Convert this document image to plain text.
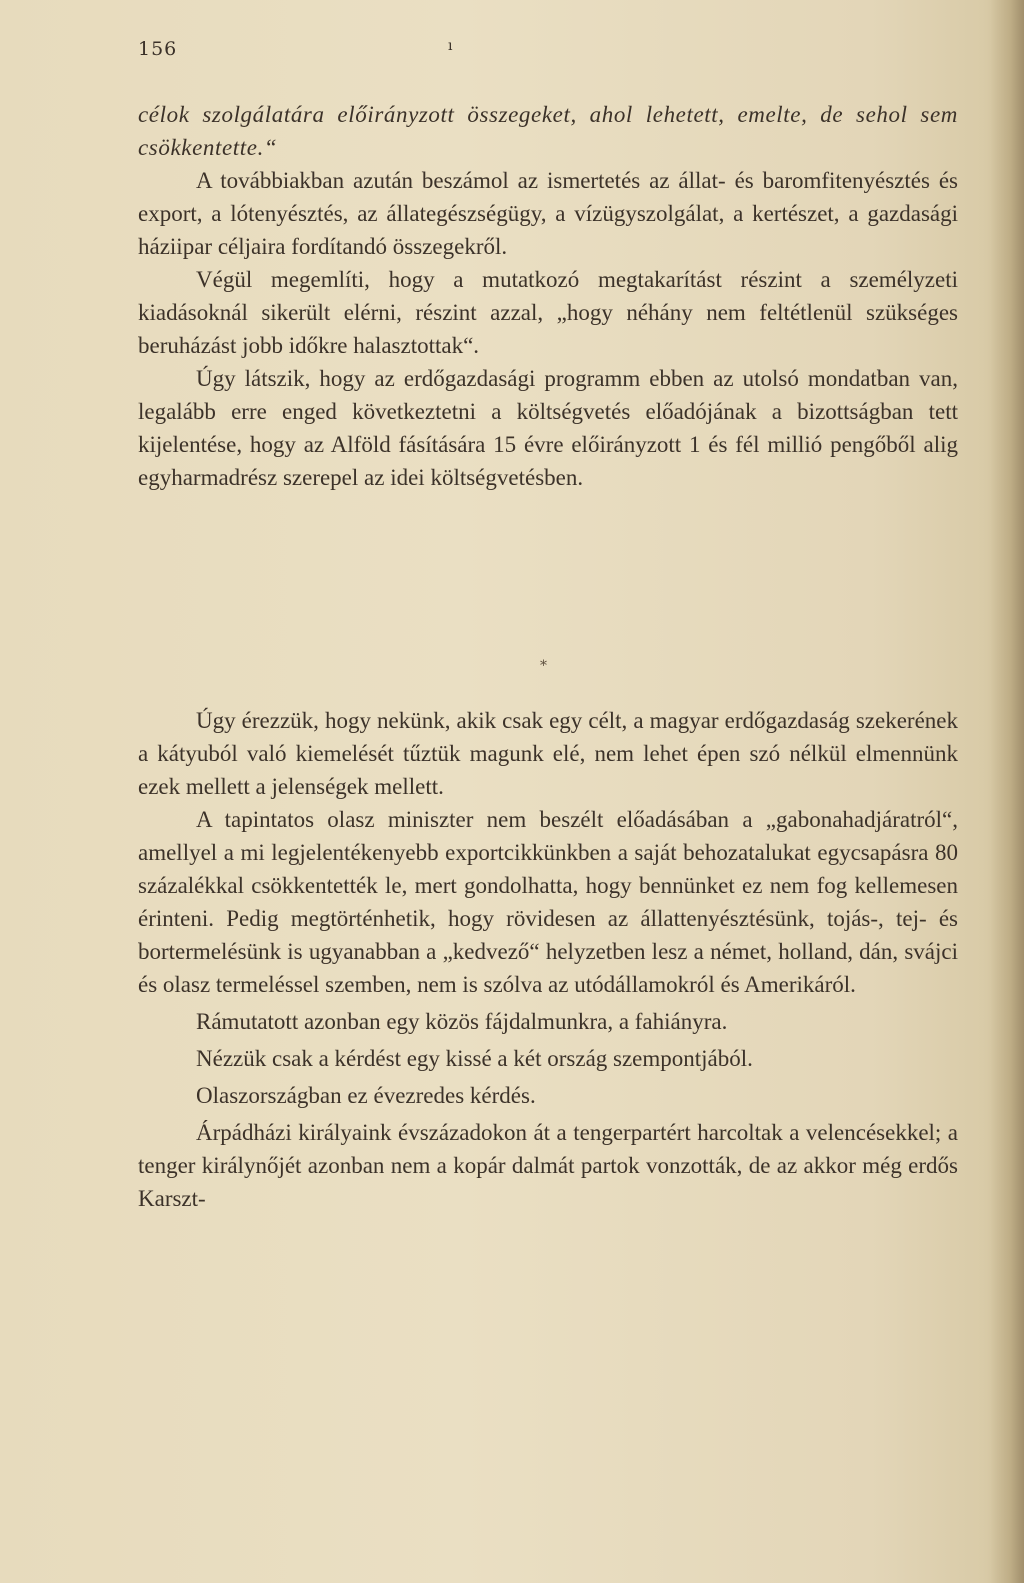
156	ı

célok szolgálatára előirányzott összegeket, ahol lehetett, emelte, de sehol sem csökkentette.“

A továbbiakban azután beszámol az ismertetés az állat- és baromfitenyésztés és export, a lótenyésztés, az állategészségügy, a vízügyszolgálat, a kertészet, a gazdasági háziipar céljaira fordítandó összegekről.

Végül megemlíti, hogy a mutatkozó megtakarítást részint a személyzeti kiadásoknál sikerült elérni, részint azzal, „hogy néhány nem feltétlenül szükséges beruházást jobb időkre halasztottak“.

Úgy látszik, hogy az erdőgazdasági programm ebben az utolsó mondatban van, legalább erre enged következtetni a költségvetés előadójának a bizottságban tett kijelentése, hogy az Alföld fásítására 15 évre előirányzott 1 és fél millió pengőből alig egyharmadrész szerepel az idei költségvetésben.

*

Úgy érezzük, hogy nekünk, akik csak egy célt, a magyar erdőgazdaság szekerének a kátyuból való kiemelését tűztük magunk elé, nem lehet épen szó nélkül elmennünk ezek mellett a jelenségek mellett.

A tapintatos olasz miniszter nem beszélt előadásában a „gabonahadjáratról“, amellyel a mi legjelentékenyebb exportcikkünkben a saját behozatalukat egycsapásra 80 százalékkal csökkentették le, mert gondolhatta, hogy bennünket ez nem fog kellemesen érinteni. Pedig megtörténhetik, hogy rövidesen az állattenyésztésünk, tojás-, tej- és bortermelésünk is ugyanabban a „kedvező“ helyzetben lesz a német, holland, dán, svájci és olasz termeléssel szemben, nem is szólva az utódállamokról és Amerikáról.

Rámutatott azonban egy közös fájdalmunkra, a fahiányra.

Nézzük csak a kérdést egy kissé a két ország szempontjából.

Olaszországban ez évezredes kérdés.

Árpádházi királyaink évszázadokon át a tengerpartért harcoltak a velencésekkel; a tenger királynőjét azonban nem a kopár dalmát partok vonzották, de az akkor még erdős Karszt-
